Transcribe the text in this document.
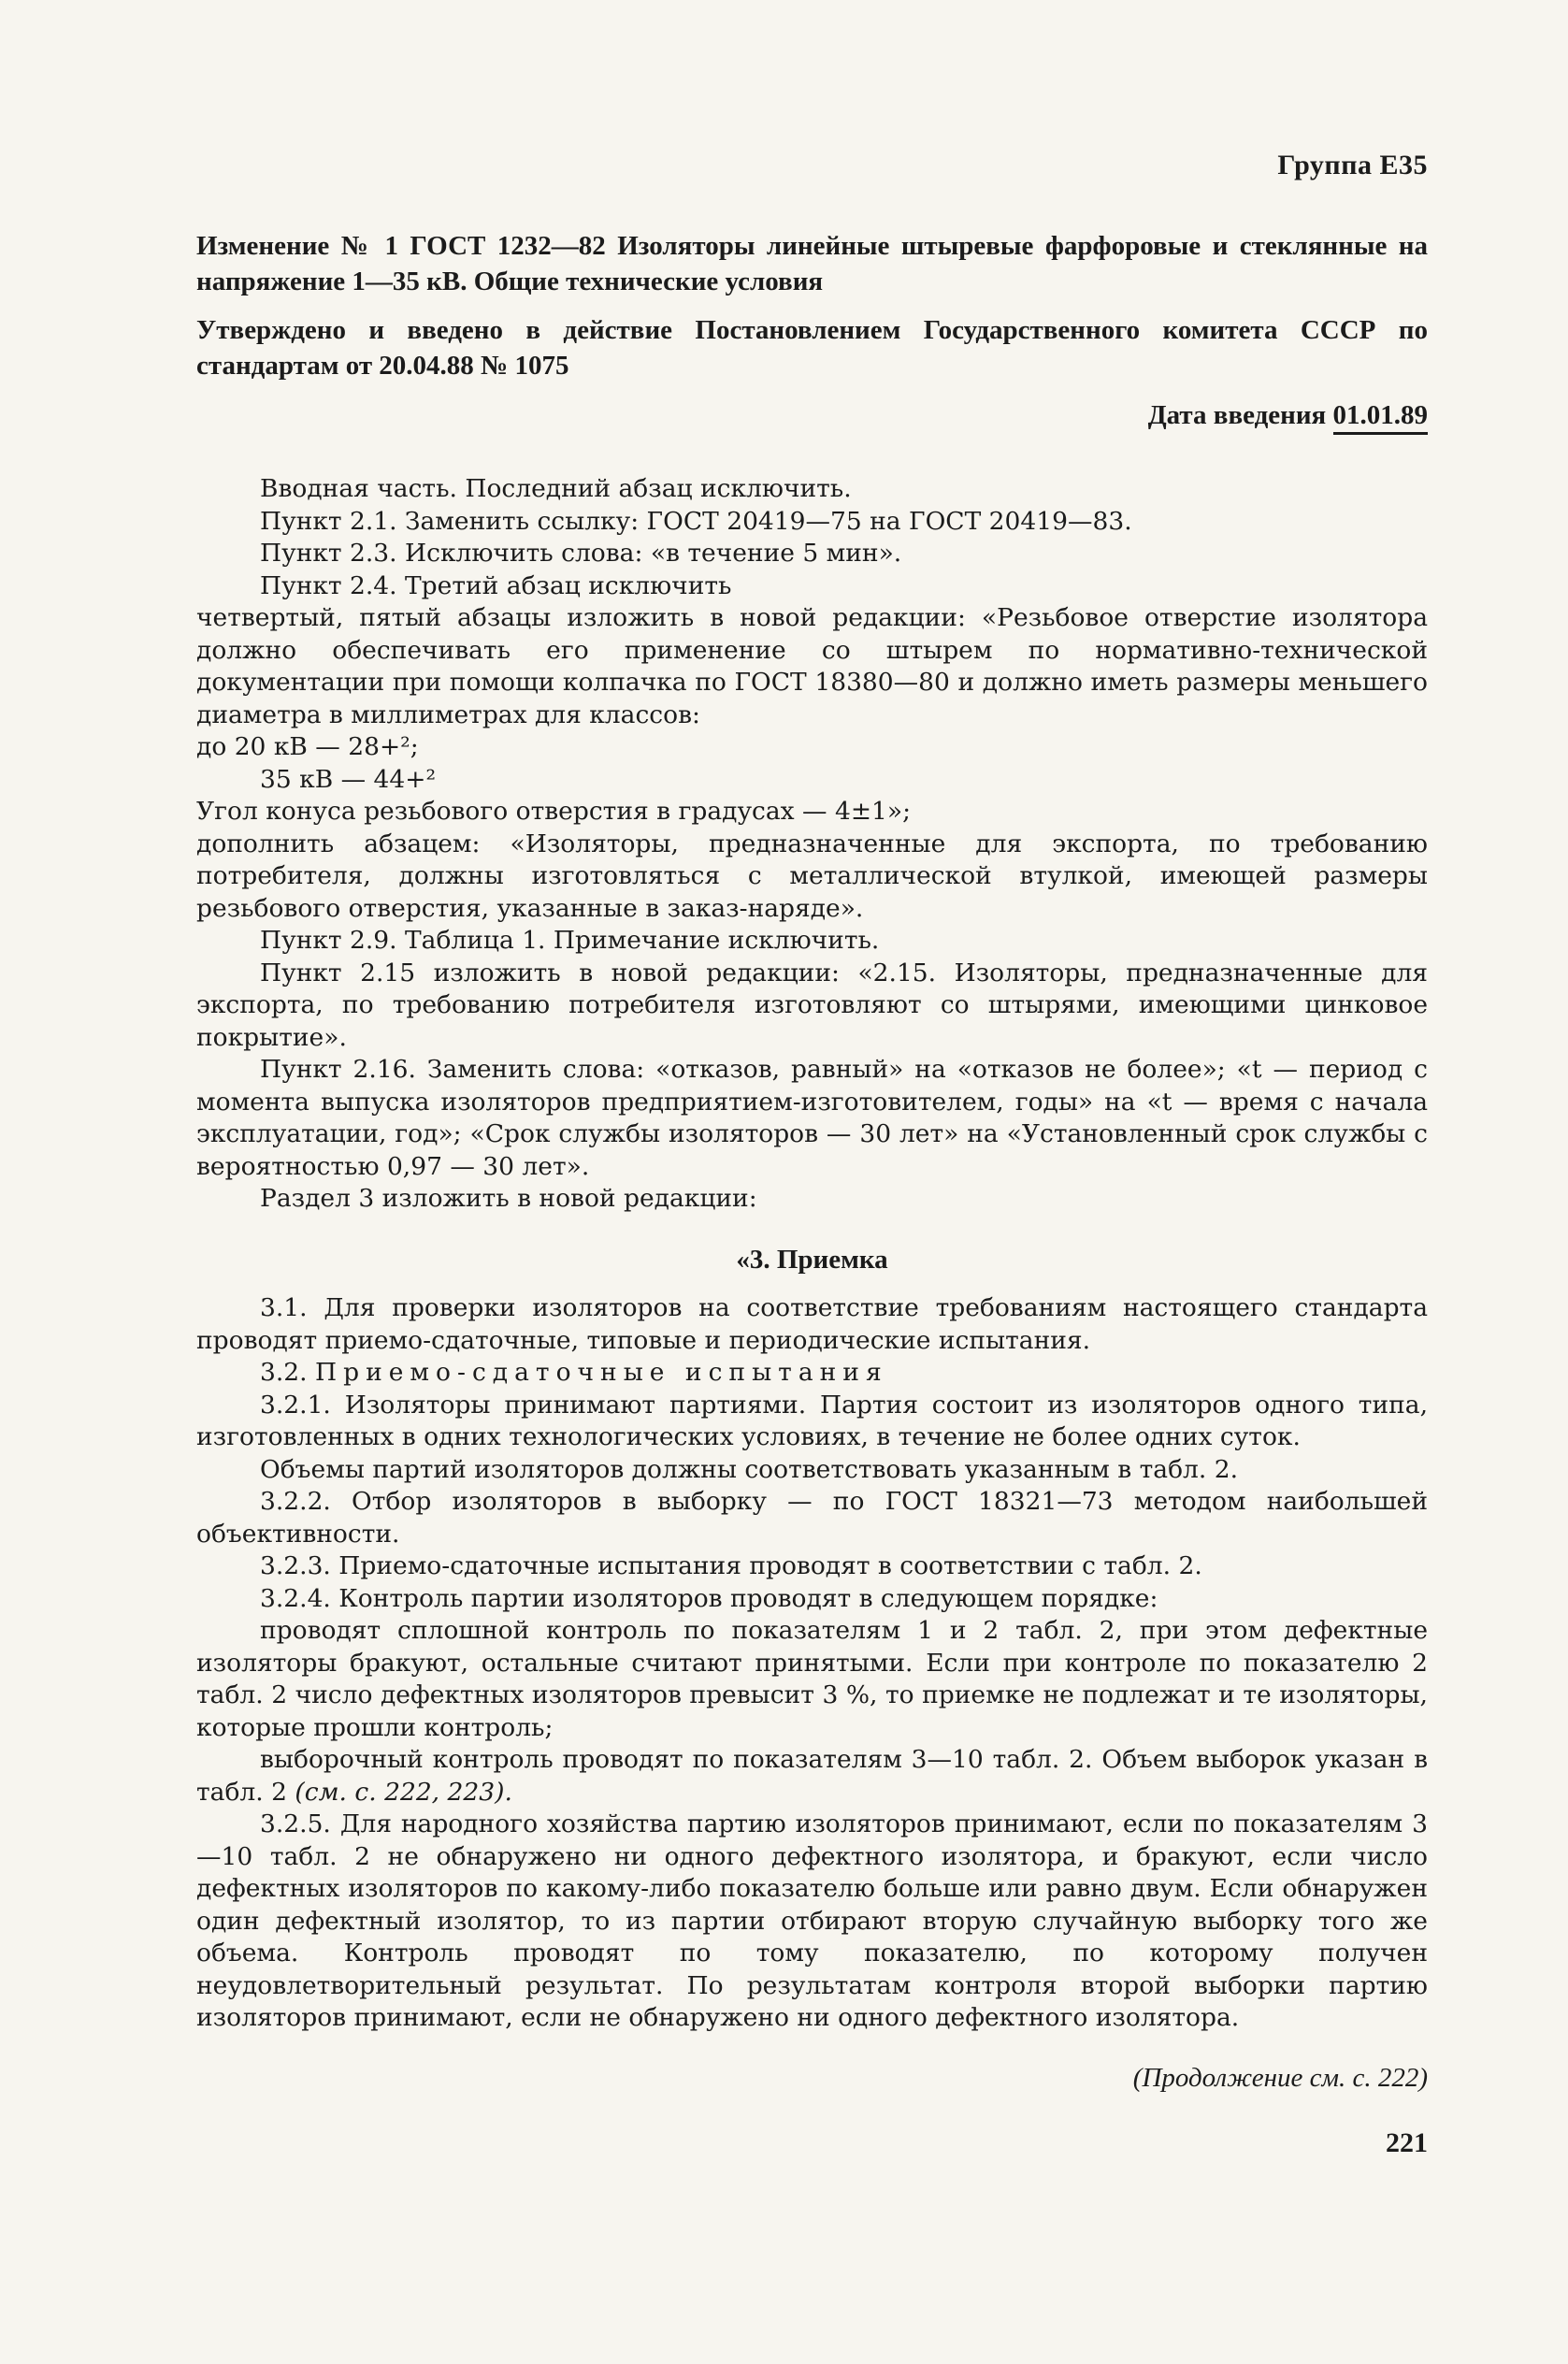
Группа Е35

Изменение № 1 ГОСТ 1232—82 Изоляторы линейные штыревые фарфоровые и стеклянные на напряжение 1—35 кВ. Общие технические условия

Утверждено и введено в действие Постановлением Государственного комитета СССР по стандартам от 20.04.88 № 1075

Дата введения 01.01.89

Вводная часть. Последний абзац исключить.

Пункт 2.1. Заменить ссылку: ГОСТ 20419—75 на ГОСТ 20419—83.

Пункт 2.3. Исключить слова: «в течение 5 мин».

Пункт 2.4. Третий абзац исключить

четвертый, пятый абзацы изложить в новой редакции: «Резьбовое отверстие изолятора должно обеспечивать его применение со штырем по нормативно-технической документации при помощи колпачка по ГОСТ 18380—80 и должно иметь размеры меньшего диаметра в миллиметрах для классов:

до 20 кВ — 28+²;

35 кВ — 44+²

Угол конуса резьбового отверстия в градусах — 4±1»;

дополнить абзацем: «Изоляторы, предназначенные для экспорта, по требованию потребителя, должны изготовляться с металлической втулкой, имеющей размеры резьбового отверстия, указанные в заказ-наряде».

Пункт 2.9. Таблица 1. Примечание исключить.

Пункт 2.15 изложить в новой редакции: «2.15. Изоляторы, предназначенные для экспорта, по требованию потребителя изготовляют со штырями, имеющими цинковое покрытие».

Пункт 2.16. Заменить слова: «отказов, равный» на «отказов не более»; «t — период с момента выпуска изоляторов предприятием-изготовителем, годы» на «t — время с начала эксплуатации, год»; «Срок службы изоляторов — 30 лет» на «Установленный срок службы с вероятностью 0,97 — 30 лет».

Раздел 3 изложить в новой редакции:

«3. Приемка

3.1. Для проверки изоляторов на соответствие требованиям настоящего стандарта проводят приемо-сдаточные, типовые и периодические испытания.

3.2. Приемо-сдаточные испытания

3.2.1. Изоляторы принимают партиями. Партия состоит из изоляторов одного типа, изготовленных в одних технологических условиях, в течение не более одних суток.

Объемы партий изоляторов должны соответствовать указанным в табл. 2.

3.2.2. Отбор изоляторов в выборку — по ГОСТ 18321—73 методом наибольшей объективности.

3.2.3. Приемо-сдаточные испытания проводят в соответствии с табл. 2.

3.2.4. Контроль партии изоляторов проводят в следующем порядке:

проводят сплошной контроль по показателям 1 и 2 табл. 2, при этом дефектные изоляторы бракуют, остальные считают принятыми. Если при контроле по показателю 2 табл. 2 число дефектных изоляторов превысит 3 %, то приемке не подлежат и те изоляторы, которые прошли контроль;

выборочный контроль проводят по показателям 3—10 табл. 2. Объем выборок указан в табл. 2 (см. с. 222, 223).

3.2.5. Для народного хозяйства партию изоляторов принимают, если по показателям 3—10 табл. 2 не обнаружено ни одного дефектного изолятора, и бракуют, если число дефектных изоляторов по какому-либо показателю больше или равно двум. Если обнаружен один дефектный изолятор, то из партии отбирают вторую случайную выборку того же объема. Контроль проводят по тому показателю, по которому получен неудовлетворительный результат. По результатам контроля второй выборки партию изоляторов принимают, если не обнаружено ни одного дефектного изолятора.

(Продолжение см. с. 222)
221
